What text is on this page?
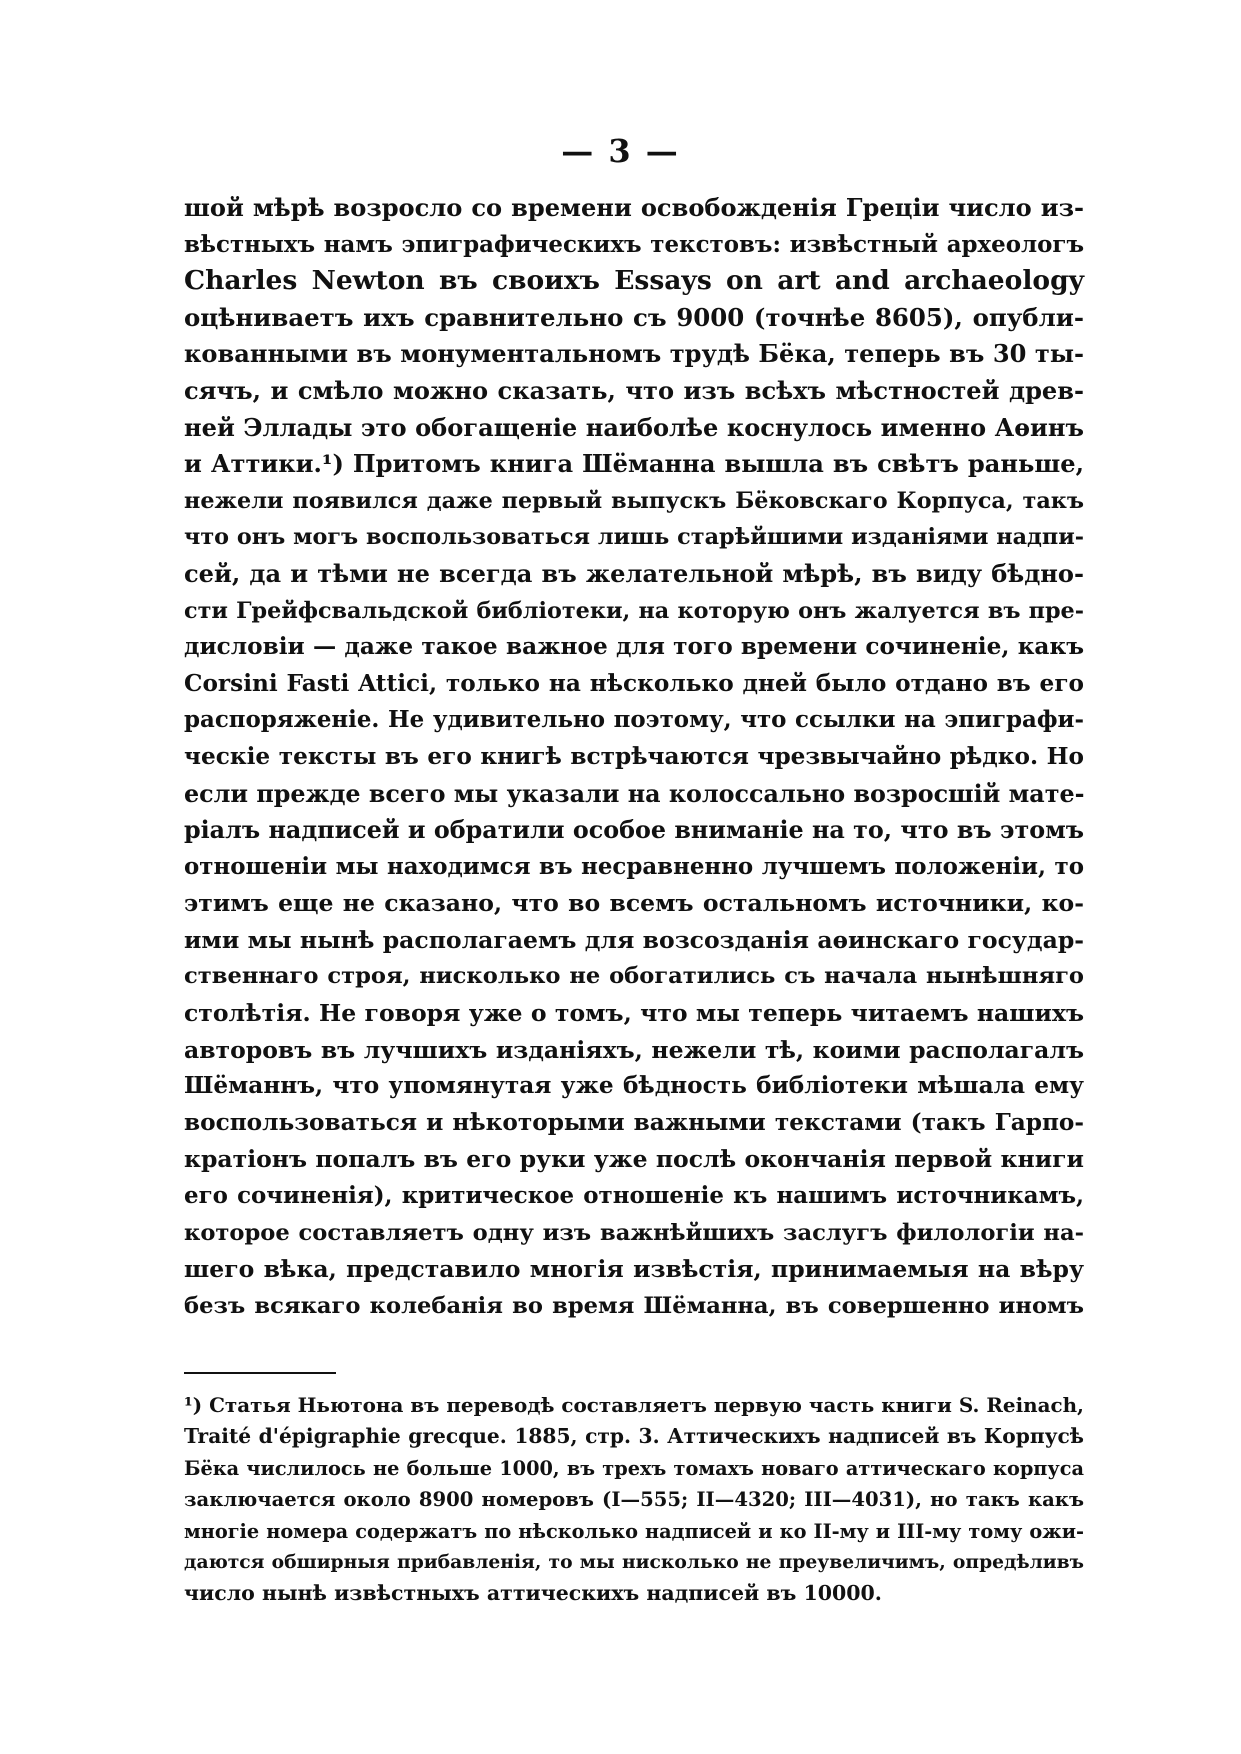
— 3 —
шой мѣрѣ возросло со времени освобожденія Греціи число из-
вѣстныхъ намъ эпиграфическихъ текстовъ: извѣстный археологъ
Charles Newton въ своихъ Essays on art and archaeology
оцѣниваетъ ихъ сравнительно съ 9000 (точнѣе 8605), опубли-
кованными въ монументальномъ трудѣ Бёка, теперь въ 30 ты-
сячъ, и смѣло можно сказать, что изъ всѣхъ мѣстностей древ-
ней Эллады это обогащеніе наиболѣе коснулось именно Аѳинъ
и Аттики.¹) Притомъ книга Шёманна вышла въ свѣтъ раньше,
нежели появился даже первый выпускъ Бёковскаго Корпуса, такъ
что онъ могъ воспользоваться лишь старѣйшими изданіями надпи-
сей, да и тѣми не всегда въ желательной мѣрѣ, въ виду бѣдно-
сти Грейфсвальдской библіотеки, на которую онъ жалуется въ пре-
дисловіи — даже такое важное для того времени сочиненіе, какъ
Corsini Fasti Attici, только на нѣсколько дней было отдано въ его
распоряженіе. Не удивительно поэтому, что ссылки на эпиграфи-
ческіе тексты въ его книгѣ встрѣчаются чрезвычайно рѣдко. Но
если прежде всего мы указали на колоссально возросшій мате-
ріалъ надписей и обратили особое вниманіе на то, что въ этомъ
отношеніи мы находимся въ несравненно лучшемъ положеніи, то
этимъ еще не сказано, что во всемъ остальномъ источники, ко-
ими мы нынѣ располагаемъ для возсозданія аѳинскаго государ-
ственнаго строя, нисколько не обогатились съ начала нынѣшняго
столѣтія. Не говоря уже о томъ, что мы теперь читаемъ нашихъ
авторовъ въ лучшихъ изданіяхъ, нежели тѣ, коими располагалъ
Шёманнъ, что упомянутая уже бѣдность библіотеки мѣшала ему
воспользоваться и нѣкоторыми важными текстами (такъ Гарпо-
кратіонъ попалъ въ его руки уже послѣ окончанія первой книги
его сочиненія), критическое отношеніе къ нашимъ источникамъ,
которое составляетъ одну изъ важнѣйшихъ заслугъ филологіи на-
шего вѣка, представило многія извѣстія, принимаемыя на вѣру
безъ всякаго колебанія во время Шёманна, въ совершенно иномъ
¹) Статья Ньютона въ переводѣ составляетъ первую часть книги S. Reinach,
Traité d'épigraphie grecque. 1885, стр. 3. Аттическихъ надписей въ Корпусѣ
Бёка числилось не больше 1000, въ трехъ томахъ новаго аттическаго корпуса
заключается около 8900 номеровъ (I—555; II—4320; III—4031), но такъ какъ
многіе номера содержатъ по нѣсколько надписей и ко II-му и III-му тому ожи-
даются обширныя прибавленія, то мы нисколько не преувеличимъ, опредѣливъ
число нынѣ извѣстныхъ аттическихъ надписей въ 10000.
